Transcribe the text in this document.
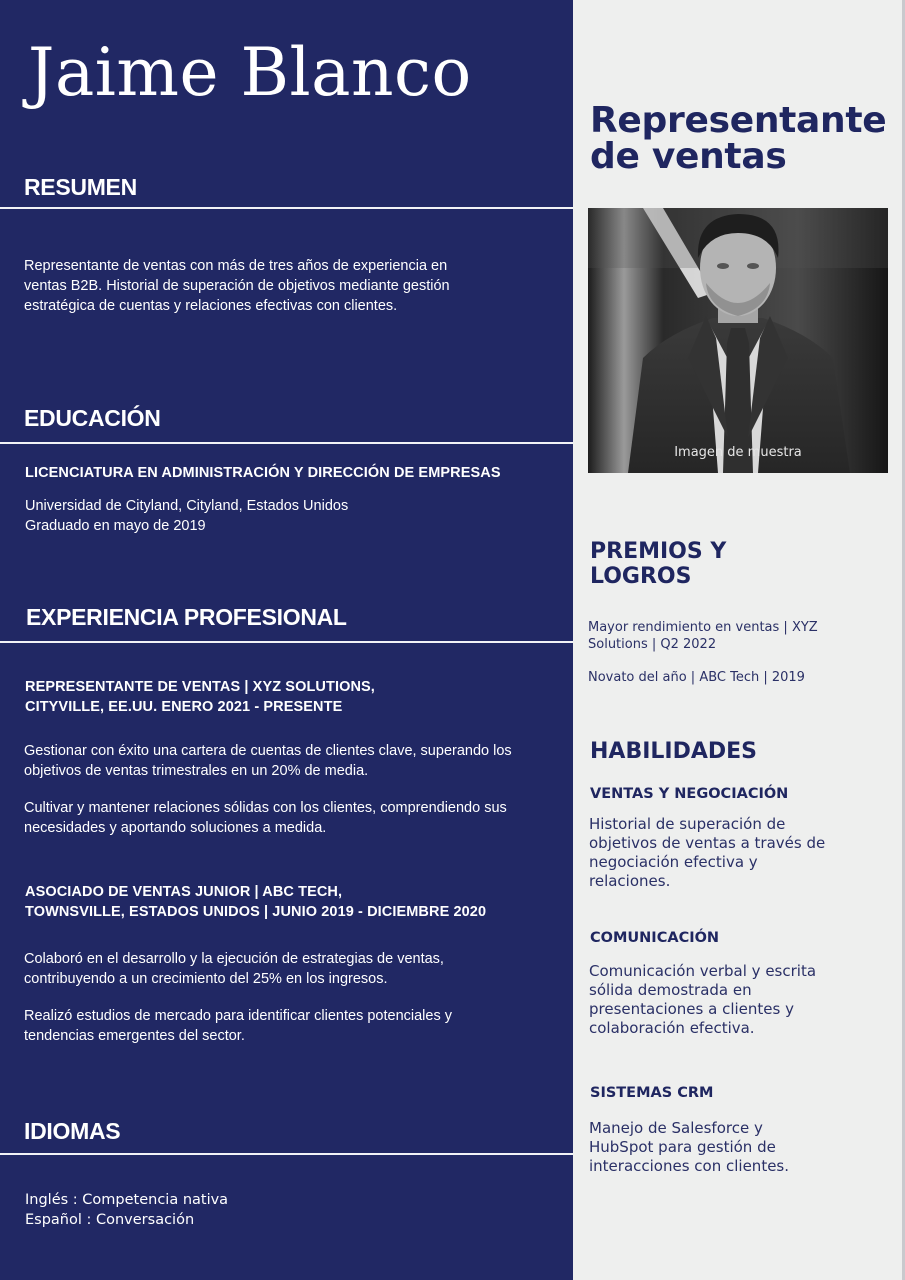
Jaime Blanco
RESUMEN
Representante de ventas con más de tres años de experiencia en
ventas B2B. Historial de superación de objetivos mediante gestión
estratégica de cuentas y relaciones efectivas con clientes.
EDUCACIÓN
LICENCIATURA EN ADMINISTRACIÓN Y DIRECCIÓN DE EMPRESAS
Universidad de Cityland, Cityland, Estados Unidos
Graduado en mayo de 2019
EXPERIENCIA PROFESIONAL
REPRESENTANTE DE VENTAS | XYZ SOLUTIONS,
CITYVILLE, EE.UU. ENERO 2021 - PRESENTE
Gestionar con éxito una cartera de cuentas de clientes clave, superando los
objetivos de ventas trimestrales en un 20% de media.
Cultivar y mantener relaciones sólidas con los clientes, comprendiendo sus
necesidades y aportando soluciones a medida.
ASOCIADO DE VENTAS JUNIOR | ABC TECH,
TOWNSVILLE, ESTADOS UNIDOS | JUNIO 2019 - DICIEMBRE 2020
Colaboró en el desarrollo y la ejecución de estrategias de ventas,
contribuyendo a un crecimiento del 25% en los ingresos.
Realizó estudios de mercado para identificar clientes potenciales y
tendencias emergentes del sector.
IDIOMAS
Inglés : Competencia nativa
Español : Conversación
Representante
de ventas
Imagen de muestra
PREMIOS Y
LOGROS
Mayor rendimiento en ventas | XYZ
Solutions | Q2 2022
Novato del año | ABC Tech | 2019
HABILIDADES
VENTAS Y NEGOCIACIÓN
Historial de superación de
objetivos de ventas a través de
negociación efectiva y
relaciones.
COMUNICACIÓN
Comunicación verbal y escrita
sólida demostrada en
presentaciones a clientes y
colaboración efectiva.
SISTEMAS CRM
Manejo de Salesforce y
HubSpot para gestión de
interacciones con clientes.
